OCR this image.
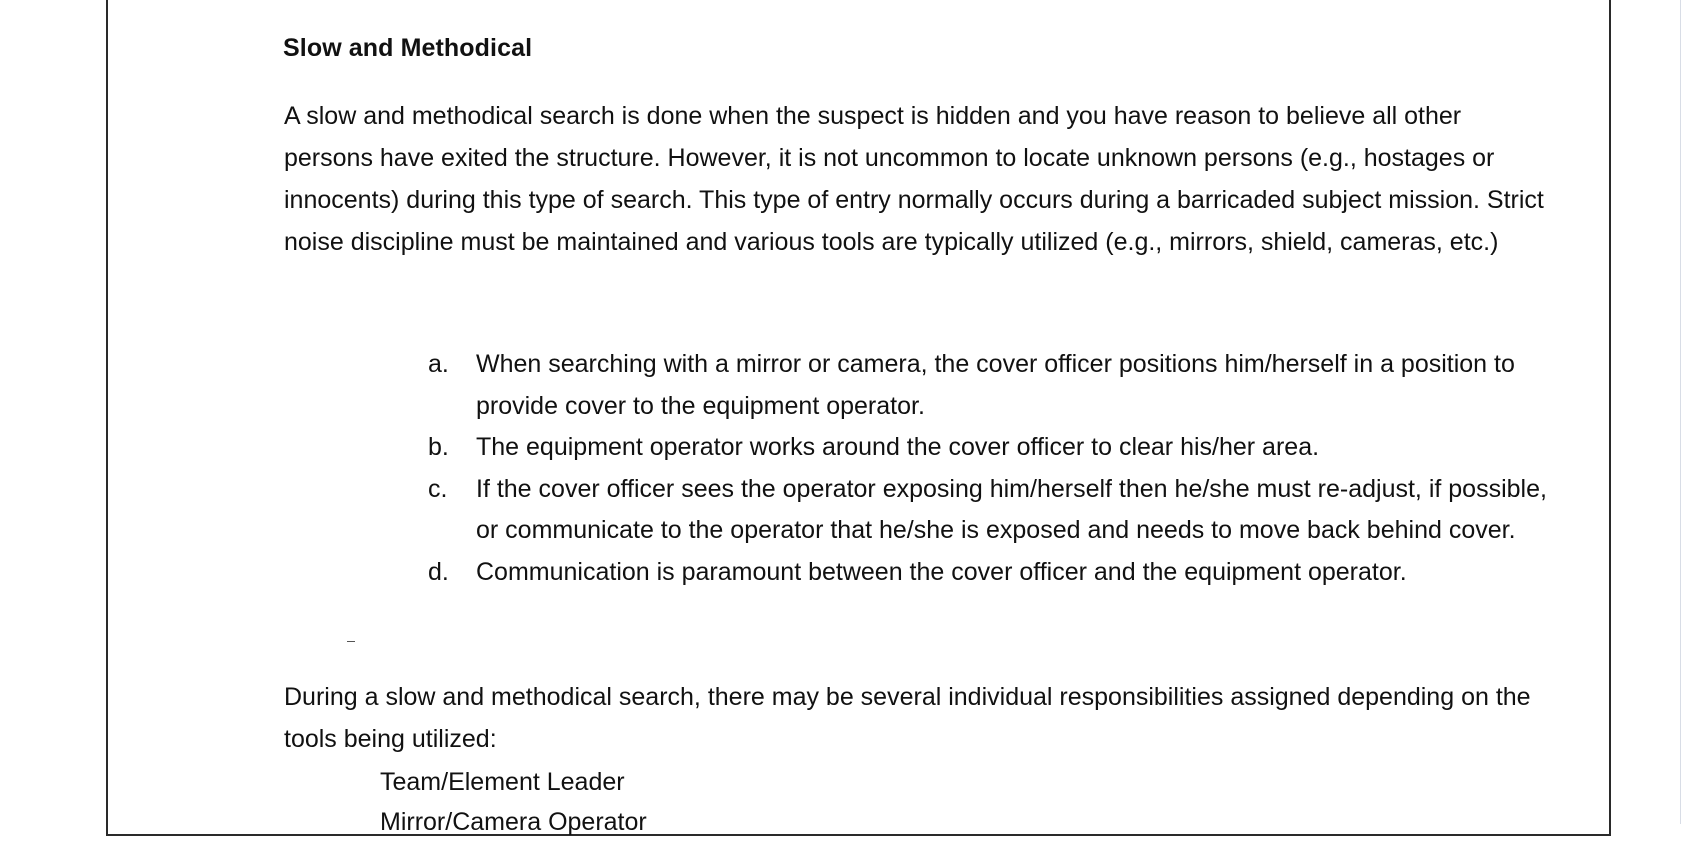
Slow and Methodical

A slow and methodical search is done when the suspect is hidden and you have reason to believe all other persons have exited the structure. However, it is not uncommon to locate unknown persons (e.g., hostages or innocents) during this type of search. This type of entry normally occurs during a barricaded subject mission. Strict noise discipline must be maintained and various tools are typically utilized (e.g., mirrors, shield, cameras, etc.)

a.	When searching with a mirror or camera, the cover officer positions him/herself in a position to provide cover to the equipment operator.
b.	The equipment operator works around the cover officer to clear his/her area.
c.	If the cover officer sees the operator exposing him/herself then he/she must re-adjust, if possible, or communicate to the operator that he/she is exposed and needs to move back behind cover.
d.	Communication is paramount between the cover officer and the equipment operator.

During a slow and methodical search, there may be several individual responsibilities assigned depending on the tools being utilized:

Team/Element Leader
Mirror/Camera Operator
